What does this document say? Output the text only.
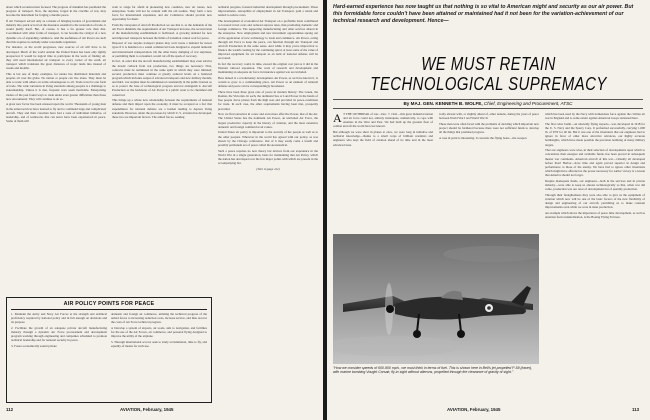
about which reconstruction focused. The progress of mankind has paralleled the progress of transport. Now, the airplane, forged in the crucible of war, may become the instrument for forging a durable peace.

If Air Transport served only as a means of bringing leaders of government and industry into quick accord on the measures essential to the restoration of trade, it would justify itself. But, of course, it has a far greater role than that. Coordinated with other forms of transport, it can become the catalyst of a new dynamic era of expanding commerce. And the usefulness of Air Power are such that this requires no subsidy under reasonable regulation.

For instance, as the world progresses, new sources of oil will have to be developed. Much of the world outside the United States has been only lightly prospected. It would be logical time to participate in the work of finding oil, they will need international air transport to every corner of the earth, air transport which translates the great distances of tropic lands into instead of weeks and months.

This is but one of many examples, for nature has distributed materials and peoples all over the globe. No nation or people can live alone. They must be able to trade with others on terms advantageous to all. Trade travel is one form of trade. The wide variations in living standards among peoples is a challenge to statesmanship. Unless it is met, frequent wars seem inevitable. Enterprising traders of the past found ways to trade under even greater difficulties than those now encountered. They will continue to do so.

A great new factor has been released upon the world. Thousands of young men in the armed services have learned to fly and to command large and complicated aircraft. They and their crewmen have had a taste of individual initiative, of leadership, and of teamwork, that can never have been experienced in peace. Some of them will

want to range far afield in pioneering new countries, new air routes, new enterprises. Some will not be content with the old routine. They form a new force for international expansion, and Air Commerce should provide new opportunity for them.

From the viewpoint of Aircraft Production we see that it, as the demands of the Air Force diminish, the requirements of Air Transport increase, the reconversion of the manufacturing establishment is facilitated. A growing demand for new and improved transports between the limits of transition cannot wait for peace.

Disposal of war surplus transport planes may well create a demand for newer types if it is handled on a sound commercial basis designed to expand domestic and international transportation. On the other hand, dumping of war surpluses, or permitting them to consumed, would cut off the spark of recovery.

In fact, in order that the aircraft manufacturing establishment may even survive the drastic cutback from war production, two things are necessary: First, contracts must be terminated in the same spirit in which they were initiated; second, production must continue at greatly reduced levels on a balanced program which includes output of advanced transports and new military models; and third, war surplus must be administered consistently in the public interest so as to protect the base of technological progress and not extinguish it. Aircraft Production as the backbone of Air Power is a public asset to be cherished and conserved.

This brings up a whole new relationship between the requirements of national defense and their impact upon the economy. It must be accepted as a fact that expenditures for national defense are a burden tending to depress living standards. However, under the processes by which U. S. aviation has developed, these two are important factors. The armed forces, seeking

technical progress, fostered industrial development through procurement. These improvements, susceptible of employment in Air Transport, paid a return and tended to reduce costs.

The development of economical Air Transport on a profitable basis contributed to lowered travel costs and reduced express rates, thus promoting domestic and foreign commerce. The supporting manufacturing and other services shared in the enterprise. New employment and new investment opportunities sprang out of the application of new technology to trade and commerce. Air Power, acting through Air Force to keep the peace, can function through Air Transport and Aircraft Production in the same sense. And while it may prove impractical to finance the wealth creating by the continuing spiral, at least some of the value of improved equipment for air transport as an item of national defense will be recovered.

In fact the recovery could, in time, exceed the original cost just as it did in the Western railroad expansion. The costs of research and development and maintaining an adequate air force in insurance against war are included.

Here indeed is a revolutionary development. Air Power, as we have known it, is certain to grow to a commanding place. Air Power as an element of national defense and peace can be correspondingly broadened.

There have been three great eras of peace in modern history: The Greek, the Roman, the Victorian. In each, the dominant Sea or Land Power in the hands of free people drove pirates from the high seas and provided its peace-conditions for trade. In each case, the other requirements having been met, prosperity prevailed.

Now we find ourselves in a new and even more effective Power, that of the Air. The United States has the dominant Air Power, an unrivaled Air Force, the largest productive capacity in the history of aviation, and the most extensive domestic and foreign commercial air routes.

United States air policy is important to the security of her people as well as to the other peoples. Wherever in the world has agreed with our policy, as was shown by the Chicago conference. Out of it may easily come a fourth and possibly permanent era of peace called the Aeronautical.

Such a peace requires no new theory but devices from our experience in the World War in a single generation, basis for maintaining that Air Policy, which the nation has developed over the few major points with which are present in the accompanying list.

(Turn to page 412)

AIR POLICY POINTS FOR PEACE

1. Maintain the Army and Navy Air Forces at the strength and technical proficiency required by national policy and in full enough on decisions and its purpose.

2. Facilitate the growth of an adequate private aircraft manufacturing industry through a dynamic Air Force procurement and development program working through engineering and companies scheduled to promote technical leadership and for national security in peace.

3. Foster economically sound private

domestic and foreign air commerce, utilizing the technical progress of the armed forces to increasing reduction costs, increase service, and thus recover the costs of Air Force technical progress.

4. Develop a system of airports, air roads, aids to navigation, and facilities for the use of the Air Forces, air commerce, and personal flying designed to improve the utility of the airplane.

5. Through international accord, seek to study accumulation, time to fly, and equality of means for such use.

112	AVIATION, February, 1945
Hard-earned experience has now taught us that nothing is so vital to American might and security as our air power. But this formidable force couldn't have been attained or maintained had it not been for the variation-achievement of our technical research and development. Hence—
WE MUST RETAIN
TECHNOLOGICAL SUPREMACY
By MAJ. GEN. KENNETH B. WOLFE, Chief, Engineering and Procurement, ATSC

A T THE OUTBREAK of war—Dec. 7, 1941—this great industrial nation and air force could not, entirely inadequate, numerically, to cope with enemies in the West and East. We had built up the greatest fleet of combat aircraft the world had ever known.

But although we were short in planes at once, we were long in initiative and technical knowledge—thanks to a small corps of brilliant scientists and engineers who kept the field of aviation ahead of its time and in the most advanced state.

ically abreast with, or slightly ahead of, other nations, during the years of peace between World War I and World War II.

These men were often faced with the problems of deciding which important new project should be furthered because there were not sufficient funds to develop all the things that promised progress.

A case in point is interesting. It concerns the flying boats—the weapon

which has been used by the Navy with tremendous force against the civilian air war in England and to some extent against American troops stationed there.

The first robot bomb—an unwieldy flying torpedo—was developed in 1918 for the U. S. Navy and the Sperry Corp. It performed successfully, carrying 1,000 lb. of TNT for 40 mi. But it was one of the inventions that our engineers had to ignore in favor of other more attractive advances, our highly accurate bombsights, which have made possible the precision bombing of many military targets.

That our engineers were wise, in their selection of developments upon which to concentrate their energies and available funds, has been proved in subsequent theater war continents. American aircraft of this war—virtually all developed before Pearl Harbor—have time and again proved superior in design and performance to those of the enemy. We have had to ignore other inventions which might have afforded us the power necessary for earlier victory is a lesson that America should not forget.

Despite inadequate funds, our engineers—both in the services and in private industry—were able to keep us abreast technologically so that, when war did come, production was our once of development but of quantity production.

Through their farsightedness they were also able to give us the equipment of aviation which now will be one of the basic factors of the new flexibility of design and engineering of our aircraft, permitting us to make constant improvements even while we were in mass production.

An example which shows the importance of peace time development, as well as attention from standardization, is the Boeing Flying Fortress.

"How we consider speeds of 600-900 mph., we must think in terms of fuel. This is shown here in Bell's jet-propelled P-59 (lower), with marine bombing Vought Corsair, fly-in sight without ailerons, propelled through the clearance of gravity of sight."
AVIATION, February, 1945	113
